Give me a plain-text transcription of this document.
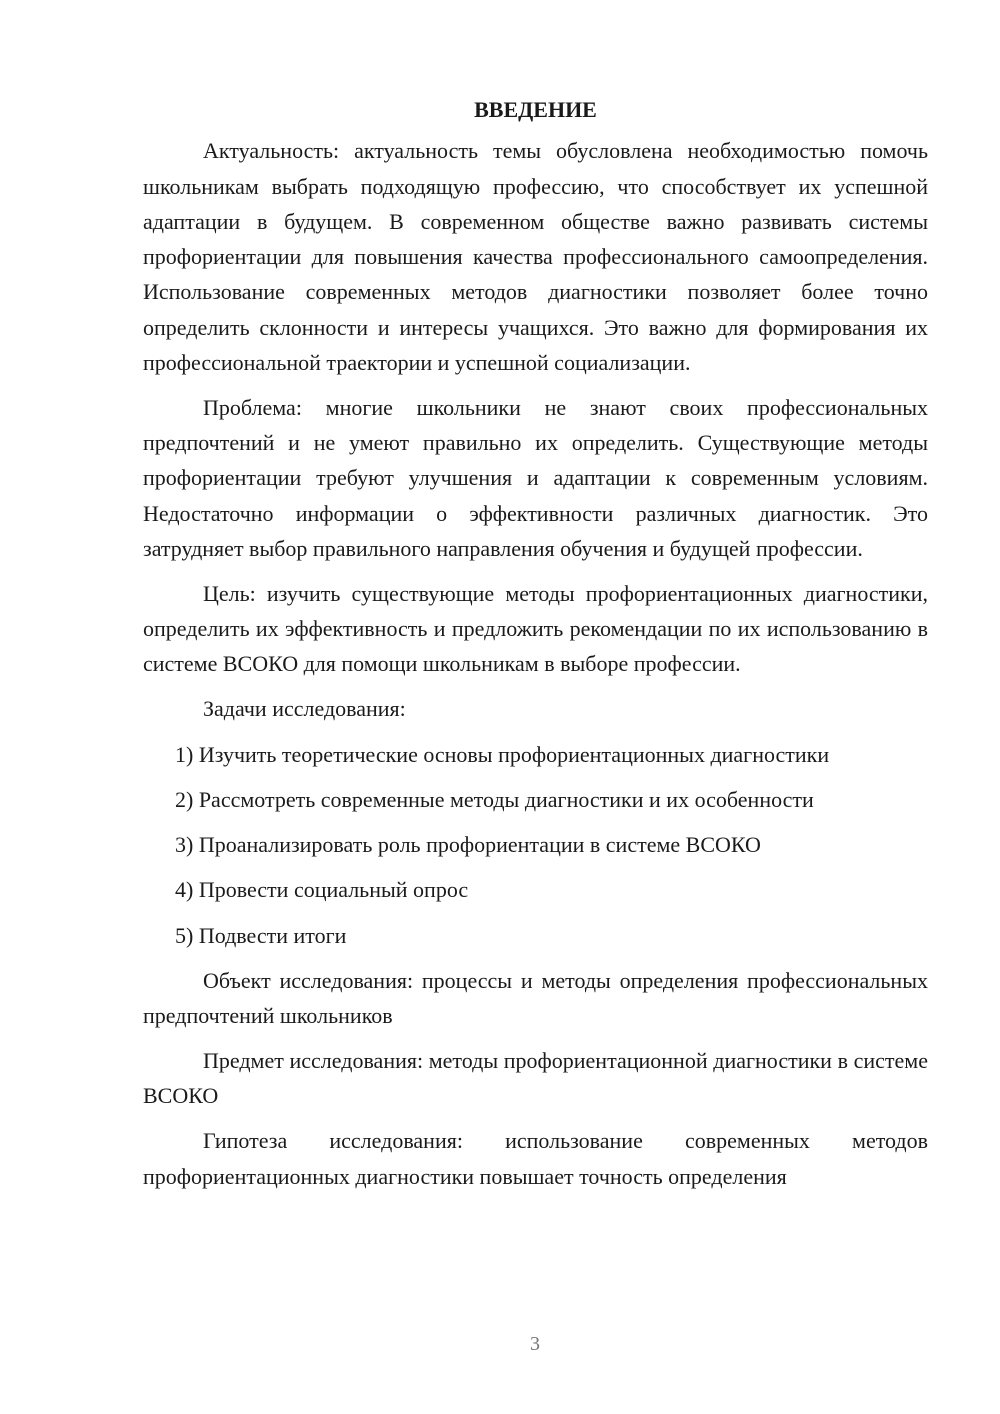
ВВЕДЕНИЕ

Актуальность: актуальность темы обусловлена необходимостью помочь школьникам выбрать подходящую профессию, что способствует их успешной адаптации в будущем. В современном обществе важно развивать системы профориентации для повышения качества профессионального самоопределения. Использование современных методов диагностики позволяет более точно определить склонности и интересы учащихся. Это важно для формирования их профессиональной траектории и успешной социализации.

Проблема: многие школьники не знают своих профессиональных предпочтений и не умеют правильно их определить. Существующие методы профориентации требуют улучшения и адаптации к современным условиям. Недостаточно информации о эффективности различных диагностик. Это затрудняет выбор правильного направления обучения и будущей профессии.

Цель: изучить существующие методы профориентационных диагностики, определить их эффективность и предложить рекомендации по их использованию в системе ВСОКО для помощи школьникам в выборе профессии.

Задачи исследования:

1) Изучить теоретические основы профориентационных диагностики

2) Рассмотреть современные методы диагностики и их особенности

3) Проанализировать роль профориентации в системе ВСОКО

4) Провести социальный опрос

5) Подвести итоги

Объект исследования: процессы и методы определения профессиональных предпочтений школьников

Предмет исследования: методы профориентационной диагностики в системе ВСОКО

Гипотеза исследования: использование современных методов профориентационных диагностики повышает точность определения

3
